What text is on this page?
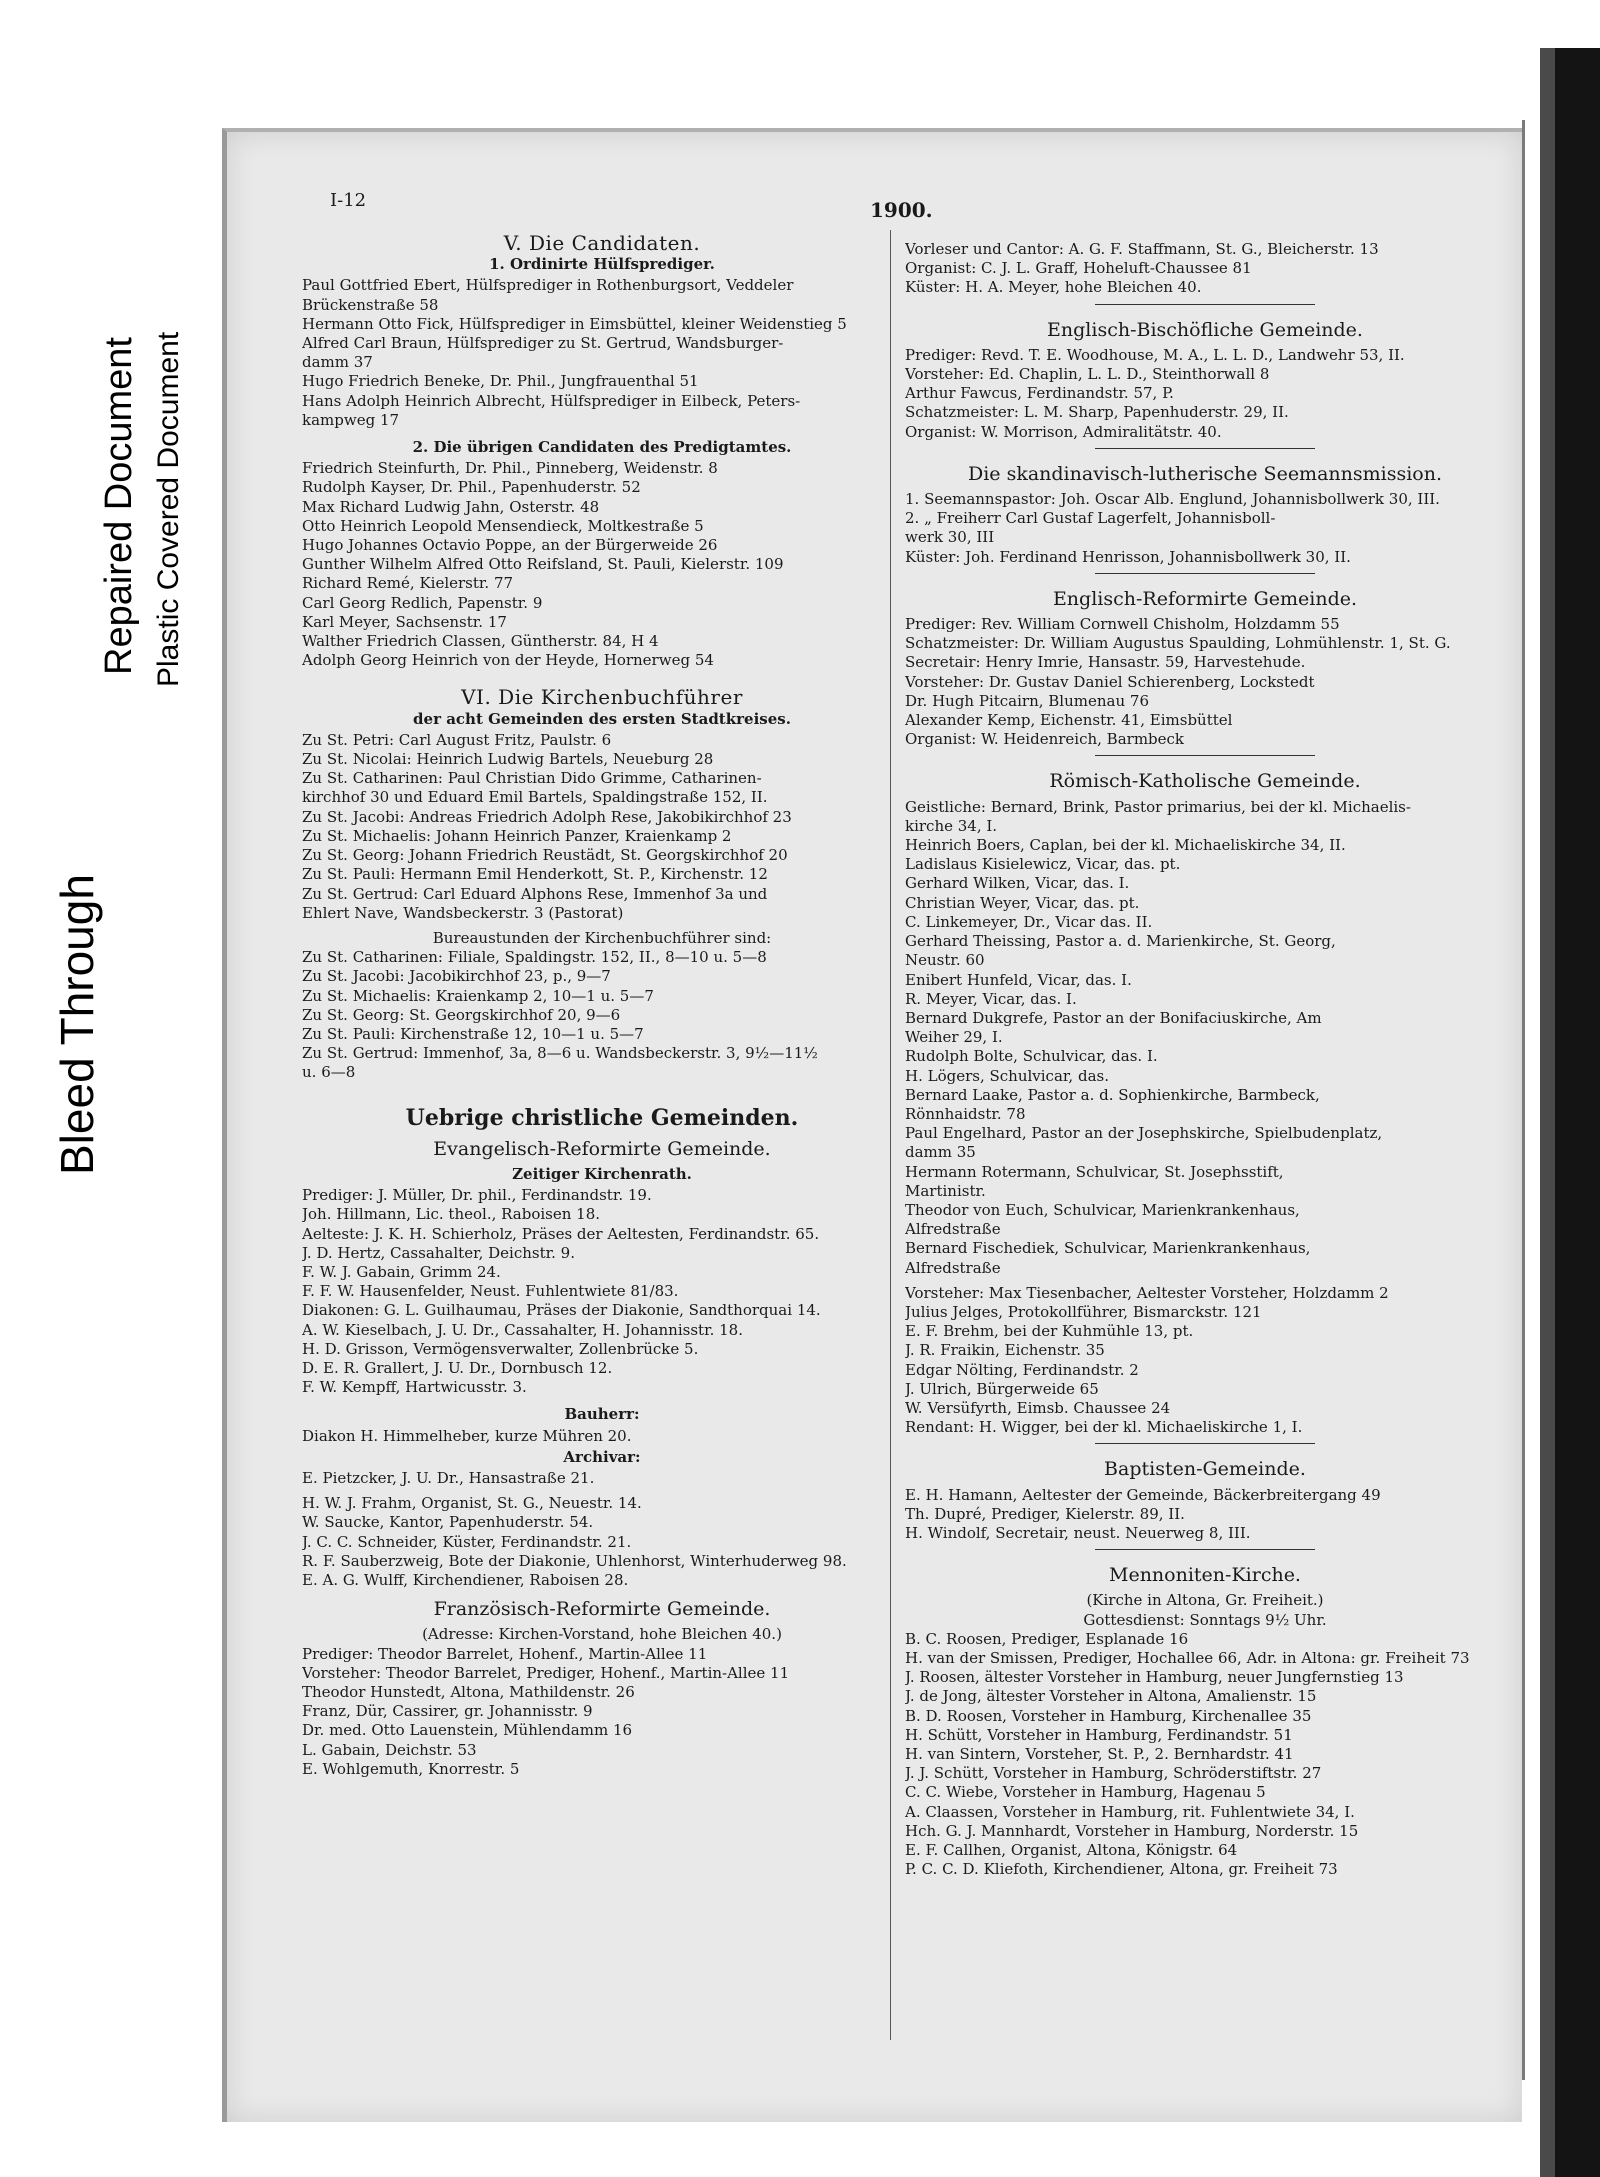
Bleed Through
Repaired Document Plastic Covered Document
I-12	1900.
V. Die Candidaten.
1. Ordinirte Hülfsprediger.
Paul Gottfried Ebert, Hülfsprediger in Rothenburgsort, Veddeler
Brückenstraße 58
Hermann Otto Fick, Hülfsprediger in Eimsbüttel, kleiner Weidenstieg 5
Alfred Carl Braun, Hülfsprediger zu St. Gertrud, Wandsburger-
damm 37
Hugo Friedrich Beneke, Dr. Phil., Jungfrauenthal 51
Hans Adolph Heinrich Albrecht, Hülfsprediger in Eilbeck, Peters-
kampweg 17
2. Die übrigen Candidaten des Predigtamtes.
Friedrich Steinfurth, Dr. Phil., Pinneberg, Weidenstr. 8
Rudolph Kayser, Dr. Phil., Papenhuderstr. 52
Max Richard Ludwig Jahn, Osterstr. 48
Otto Heinrich Leopold Mensendieck, Moltkestraße 5
Hugo Johannes Octavio Poppe, an der Bürgerweide 26
Gunther Wilhelm Alfred Otto Reifsland, St. Pauli, Kielerstr. 109
Richard Remé, Kielerstr. 77
Carl Georg Redlich, Papenstr. 9
Karl Meyer, Sachsenstr. 17
Walther Friedrich Classen, Güntherstr. 84, H 4
Adolph Georg Heinrich von der Heyde, Hornerweg 54
VI. Die Kirchenbuchführer
der acht Gemeinden des ersten Stadtkreises.
Zu St. Petri: Carl August Fritz, Paulstr. 6
Zu St. Nicolai: Heinrich Ludwig Bartels, Neueburg 28
Zu St. Catharinen: Paul Christian Dido Grimme, Catharinen-
kirchhof 30 und Eduard Emil Bartels, Spaldingstraße 152, II.
Zu St. Jacobi: Andreas Friedrich Adolph Rese, Jakobikirchhof 23
Zu St. Michaelis: Johann Heinrich Panzer, Kraienkamp 2
Zu St. Georg: Johann Friedrich Reustädt, St. Georgskirchhof 20
Zu St. Pauli: Hermann Emil Henderkott, St. P., Kirchenstr. 12
Zu St. Gertrud: Carl Eduard Alphons Rese, Immenhof 3a und
Ehlert Nave, Wandsbeckerstr. 3 (Pastorat)
Bureaustunden der Kirchenbuchführer sind:
Zu St. Catharinen: Filiale, Spaldingstr. 152, II., 8—10 u. 5—8
Zu St. Jacobi: Jacobikirchhof 23, p., 9—7
Zu St. Michaelis: Kraienkamp 2, 10—1 u. 5—7
Zu St. Georg: St. Georgskirchhof 20, 9—6
Zu St. Pauli: Kirchenstraße 12, 10—1 u. 5—7
Zu St. Gertrud: Immenhof, 3a, 8—6 u. Wandsbeckerstr. 3, 9½—11½
u. 6—8
Uebrige christliche Gemeinden.
Evangelisch-Reformirte Gemeinde.
Zeitiger Kirchenrath.
Prediger: J. Müller, Dr. phil., Ferdinandstr. 19.
Joh. Hillmann, Lic. theol., Raboisen 18.
Aelteste: J. K. H. Schierholz, Präses der Aeltesten, Ferdinandstr. 65.
J. D. Hertz, Cassahalter, Deichstr. 9.
F. W. J. Gabain, Grimm 24.
F. F. W. Hausenfelder, Neust. Fuhlentwiete 81/83.
Diakonen: G. L. Guilhaumau, Präses der Diakonie, Sandthorquai 14.
A. W. Kieselbach, J. U. Dr., Cassahalter, H. Johannisstr. 18.
H. D. Grisson, Vermögensverwalter, Zollenbrücke 5.
D. E. R. Grallert, J. U. Dr., Dornbusch 12.
F. W. Kempff, Hartwicusstr. 3.
Bauherr:
Diakon H. Himmelheber, kurze Mühren 20.
Archivar:
E. Pietzcker, J. U. Dr., Hansastraße 21.
H. W. J. Frahm, Organist, St. G., Neuestr. 14.
W. Saucke, Kantor, Papenhuderstr. 54.
J. C. C. Schneider, Küster, Ferdinandstr. 21.
R. F. Sauberzweig, Bote der Diakonie, Uhlenhorst, Winterhuderweg 98.
E. A. G. Wulff, Kirchendiener, Raboisen 28.
Französisch-Reformirte Gemeinde.
(Adresse: Kirchen-Vorstand, hohe Bleichen 40.)
Prediger: Theodor Barrelet, Hohenf., Martin-Allee 11
Vorsteher: Theodor Barrelet, Prediger, Hohenf., Martin-Allee 11
Theodor Hunstedt, Altona, Mathildenstr. 26
Franz, Dür, Cassirer, gr. Johannisstr. 9
Dr. med. Otto Lauenstein, Mühlendamm 16
L. Gabain, Deichstr. 53
E. Wohlgemuth, Knorrestr. 5
Vorleser und Cantor: A. G. F. Staffmann, St. G., Bleicherstr. 13
Organist: C. J. L. Graff, Hoheluft-Chaussee 81
Küster: H. A. Meyer, hohe Bleichen 40.
Englisch-Bischöfliche Gemeinde.
Prediger: Revd. T. E. Woodhouse, M. A., L. L. D., Landwehr 53, II.
Vorsteher: Ed. Chaplin, L. L. D., Steinthorwall 8
Arthur Fawcus, Ferdinandstr. 57, P.
Schatzmeister: L. M. Sharp, Papenhuderstr. 29, II.
Organist: W. Morrison, Admiralitätstr. 40.
Die skandinavisch-lutherische Seemannsmission.
1. Seemannspastor: Joh. Oscar Alb. Englund, Johannisbollwerk 30, III.
2. „ Freiherr Carl Gustaf Lagerfelt, Johannisboll-
werk 30, III
Küster: Joh. Ferdinand Henrisson, Johannisbollwerk 30, II.
Englisch-Reformirte Gemeinde.
Prediger: Rev. William Cornwell Chisholm, Holzdamm 55
Schatzmeister: Dr. William Augustus Spaulding, Lohmühlenstr. 1, St. G.
Secretair: Henry Imrie, Hansastr. 59, Harvestehude.
Vorsteher: Dr. Gustav Daniel Schierenberg, Lockstedt
Dr. Hugh Pitcairn, Blumenau 76
Alexander Kemp, Eichenstr. 41, Eimsbüttel
Organist: W. Heidenreich, Barmbeck
Römisch-Katholische Gemeinde.
Geistliche: Bernard, Brink, Pastor primarius, bei der kl. Michaelis-
kirche 34, I.
Heinrich Boers, Caplan, bei der kl. Michaeliskirche 34, II.
Ladislaus Kisielewicz, Vicar, das. pt.
Gerhard Wilken, Vicar, das. I.
Christian Weyer, Vicar, das. pt.
C. Linkemeyer, Dr., Vicar das. II.
Gerhard Theissing, Pastor a. d. Marienkirche, St. Georg,
Neustr. 60
Enibert Hunfeld, Vicar, das. I.
R. Meyer, Vicar, das. I.
Bernard Dukgrefe, Pastor an der Bonifaciuskirche, Am
Weiher 29, I.
Rudolph Bolte, Schulvicar, das. I.
H. Lögers, Schulvicar, das.
Bernard Laake, Pastor a. d. Sophienkirche, Barmbeck,
Rönnhaidstr. 78
Paul Engelhard, Pastor an der Josephskirche, Spielbudenplatz,
damm 35
Hermann Rotermann, Schulvicar, St. Josephsstift,
Martinistr.
Theodor von Euch, Schulvicar, Marienkrankenhaus,
Alfredstraße
Bernard Fischediek, Schulvicar, Marienkrankenhaus,
Alfredstraße
Vorsteher: Max Tiesenbacher, Aeltester Vorsteher, Holzdamm 2
Julius Jelges, Protokollführer, Bismarckstr. 121
E. F. Brehm, bei der Kuhmühle 13, pt.
J. R. Fraikin, Eichenstr. 35
Edgar Nölting, Ferdinandstr. 2
J. Ulrich, Bürgerweide 65
W. Versüfyrth, Eimsb. Chaussee 24
Rendant: H. Wigger, bei der kl. Michaeliskirche 1, I.
Baptisten-Gemeinde.
E. H. Hamann, Aeltester der Gemeinde, Bäckerbreitergang 49
Th. Dupré, Prediger, Kielerstr. 89, II.
H. Windolf, Secretair, neust. Neuerweg 8, III.
Mennoniten-Kirche.
(Kirche in Altona, Gr. Freiheit.)
Gottesdienst: Sonntags 9½ Uhr.
B. C. Roosen, Prediger, Esplanade 16
H. van der Smissen, Prediger, Hochallee 66, Adr. in Altona: gr. Freiheit 73
J. Roosen, ältester Vorsteher in Hamburg, neuer Jungfernstieg 13
J. de Jong, ältester Vorsteher in Altona, Amalienstr. 15
B. D. Roosen, Vorsteher in Hamburg, Kirchenallee 35
H. Schütt, Vorsteher in Hamburg, Ferdinandstr. 51
H. van Sintern, Vorsteher, St. P., 2. Bernhardstr. 41
J. J. Schütt, Vorsteher in Hamburg, Schröderstiftstr. 27
C. C. Wiebe, Vorsteher in Hamburg, Hagenau 5
A. Claassen, Vorsteher in Hamburg, rit. Fuhlentwiete 34, I.
Hch. G. J. Mannhardt, Vorsteher in Hamburg, Norderstr. 15
E. F. Callhen, Organist, Altona, Königstr. 64
P. C. C. D. Kliefoth, Kirchendiener, Altona, gr. Freiheit 73
